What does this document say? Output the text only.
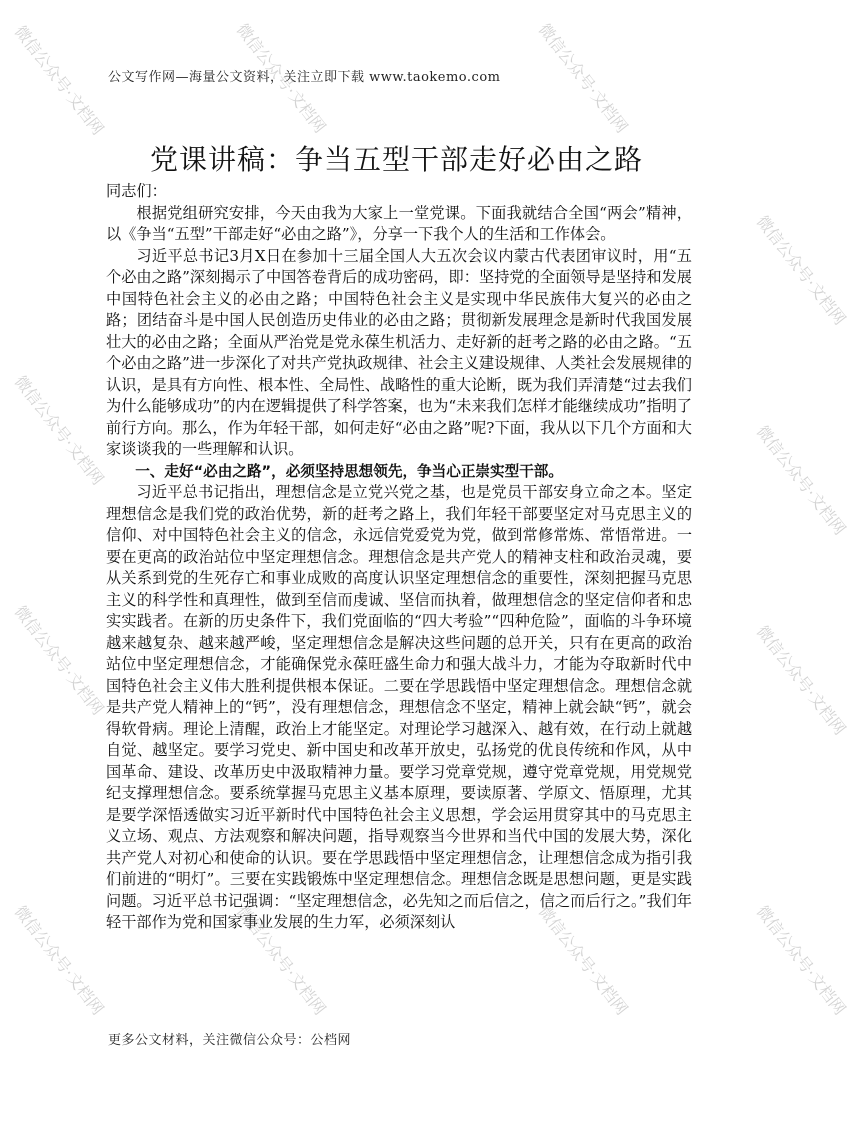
微信公众号·文档网	微信公众号·文档网	微信公众号·文档网
微信公众号·文档网
微信公众号·文档网
微信公众号·文档网
微信公众号·文档网	微信公众号·文档网
微信公众号·文档网	微信公众号·文档网	微信公众号·文档网	微信公众号·文档网
公文写作网—海量公文资料，关注立即下载 www.taokemo.com
党课讲稿：争当五型干部走好必由之路

同志们：

根据党组研究安排，今天由我为大家上一堂党课。下面我就结合全国“两会”精神，以《争当“五型”干部走好“必由之路”》，分享一下我个人的生活和工作体会。

习近平总书记3月X日在参加十三届全国人大五次会议内蒙古代表团审议时，用“五个必由之路”深刻揭示了中国答卷背后的成功密码，即：坚持党的全面领导是坚持和发展中国特色社会主义的必由之路；中国特色社会主义是实现中华民族伟大复兴的必由之路；团结奋斗是中国人民创造历史伟业的必由之路；贯彻新发展理念是新时代我国发展壮大的必由之路；全面从严治党是党永葆生机活力、走好新的赶考之路的必由之路。“五个必由之路”进一步深化了对共产党执政规律、社会主义建设规律、人类社会发展规律的认识，是具有方向性、根本性、全局性、战略性的重大论断，既为我们弄清楚“过去我们为什么能够成功”的内在逻辑提供了科学答案，也为“未来我们怎样才能继续成功”指明了前行方向。那么，作为年轻干部，如何走好“必由之路”呢?下面，我从以下几个方面和大家谈谈我的一些理解和认识。

一、走好“必由之路”，必须坚持思想领先，争当心正崇实型干部。

习近平总书记指出，理想信念是立党兴党之基，也是党员干部安身立命之本。坚定理想信念是我们党的政治优势，新的赶考之路上，我们年轻干部要坚定对马克思主义的信仰、对中国特色社会主义的信念，永远信党爱党为党，做到常修常炼、常悟常进。一要在更高的政治站位中坚定理想信念。理想信念是共产党人的精神支柱和政治灵魂，要从关系到党的生死存亡和事业成败的高度认识坚定理想信念的重要性，深刻把握马克思主义的科学性和真理性，做到至信而虔诚、坚信而执着，做理想信念的坚定信仰者和忠实实践者。在新的历史条件下，我们党面临的“四大考验”“四种危险”，面临的斗争环境越来越复杂、越来越严峻，坚定理想信念是解决这些问题的总开关，只有在更高的政治站位中坚定理想信念，才能确保党永葆旺盛生命力和强大战斗力，才能为夺取新时代中国特色社会主义伟大胜利提供根本保证。二要在学思践悟中坚定理想信念。理想信念就是共产党人精神上的“钙”，没有理想信念，理想信念不坚定，精神上就会缺“钙”，就会得软骨病。理论上清醒，政治上才能坚定。对理论学习越深入、越有效，在行动上就越自觉、越坚定。要学习党史、新中国史和改革开放史，弘扬党的优良传统和作风，从中国革命、建设、改革历史中汲取精神力量。要学习党章党规，遵守党章党规，用党规党纪支撑理想信念。要系统掌握马克思主义基本原理，要读原著、学原文、悟原理，尤其是要学深悟透做实习近平新时代中国特色社会主义思想，学会运用贯穿其中的马克思主义立场、观点、方法观察和解决问题，指导观察当今世界和当代中国的发展大势，深化共产党人对初心和使命的认识。要在学思践悟中坚定理想信念，让理想信念成为指引我们前进的“明灯”。三要在实践锻炼中坚定理想信念。理想信念既是思想问题，更是实践问题。习近平总书记强调：“坚定理想信念，必先知之而后信之，信之而后行之。”我们年轻干部作为党和国家事业发展的生力军，必须深刻认

更多公文材料，关注微信公众号：公档网
